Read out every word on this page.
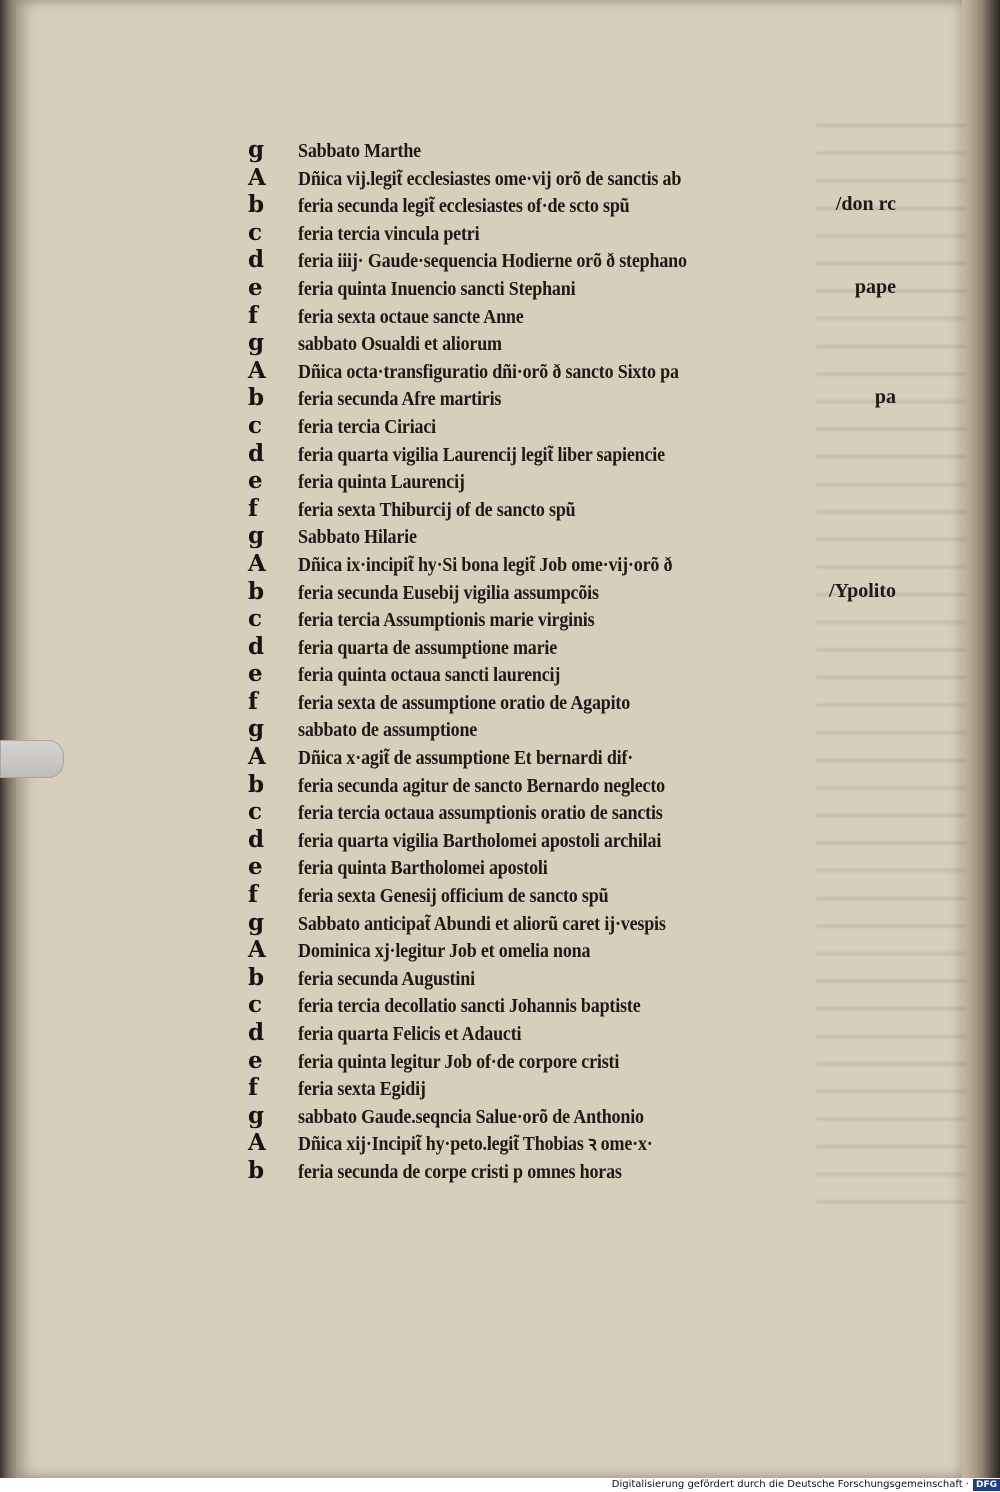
g Sabbato Marthe
A Dñica vij.legit̃ ecclesiastes ome·vij orõ de sanctis ab
b feria secunda legit̃ ecclesiastes of·de scto spũ	/don rc
c feria tercia vincula petri
d feria iiij· Gaude·sequencia Hodierne orõ ð stephano
e feria quinta Inuencio sancti Stephani	pape
f feria sexta octaue sancte Anne
g sabbato Osualdi et aliorum
A Dñica octa·transfiguratio dñi·orõ ð sancto Sixto pa
b feria secunda Afre martiris	pa
c feria tercia Ciriaci
d feria quarta vigilia Laurencij legit̃ liber sapiencie
e feria quinta Laurencij
f feria sexta Thiburcij of de sancto spũ
g Sabbato Hilarie
A Dñica ix·incipit̃ hy·Si bona legit̃ Job ome·vij·orõ ð
b feria secunda Eusebij vigilia assumpcõis	/Ypolito
c feria tercia Assumptionis marie virginis
d feria quarta de assumptione marie
e feria quinta octaua sancti laurencij
f feria sexta de assumptione oratio de Agapito
g sabbato de assumptione
A Dñica x·agit̃ de assumptione Et bernardi dif·
b feria secunda agitur de sancto Bernardo neglecto
c feria tercia octaua assumptionis oratio de sanctis
d feria quarta vigilia Bartholomei apostoli archilai
e feria quinta Bartholomei apostoli
f feria sexta Genesij officium de sancto spũ
g Sabbato anticipat̃ Abundi et aliorũ caret ij·vespis
A Dominica xj·legitur Job et omelia nona
b feria secunda Augustini
c feria tercia decollatio sancti Johannis baptiste
d feria quarta Felicis et Adaucti
e feria quinta legitur Job of·de corpore cristi
f feria sexta Egidij
g sabbato Gaude.seqncia Salue·orõ de Anthonio
A Dñica xij·Incipit̃ hy·peto.legit̃ Thobias ꝛ ome·x·
b feria secunda de corpe cristi p omnes horas
Digitalisierung gefördert durch die Deutsche Forschungsgemeinschaft · DFG
